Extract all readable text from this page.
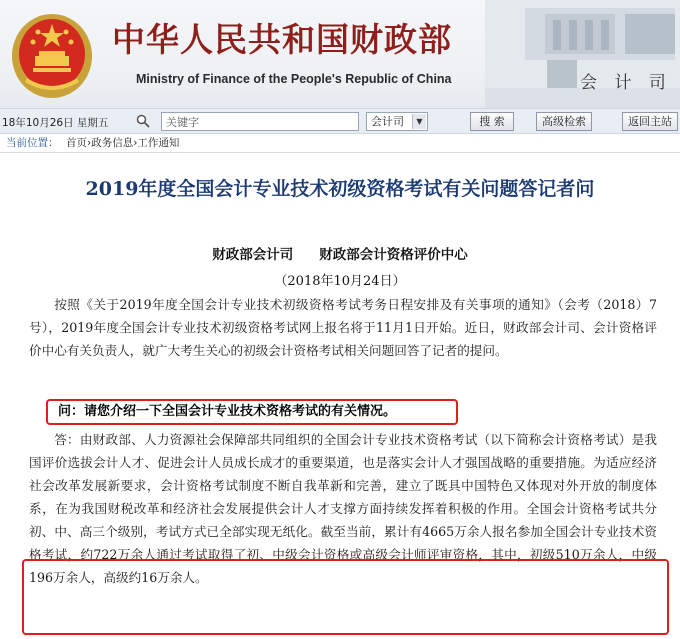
中华人民共和国财政部
Ministry of Finance of the People's Republic of China	会 计 司
18年10月26日 星期五
关键字	会计司	▼	搜 索	高级检索	返回主站
当前位置： 首页›政务信息›工作通知
2019年度全国会计专业技术初级资格考试有关问题答记者问
财政部会计司 财政部会计资格评价中心
（2018年10月24日）
按照《关于2019年度全国会计专业技术初级资格考试考务日程安排及有关事项的通知》（会考（2018）7号），2019年度全国会计专业技术初级资格考试网上报名将于11月1日开始。近日，财政部会计司、会计资格评价中心有关负责人，就广大考生关心的初级会计资格考试相关问题回答了记者的提问。
问：请您介绍一下全国会计专业技术资格考试的有关情况。
答：由财政部、人力资源社会保障部共同组织的全国会计专业技术资格考试（以下简称会计资格考试）是我国评价选拔会计人才、促进会计人员成长成才的重要渠道，也是落实会计人才强国战略的重要措施。为适应经济社会改革发展新要求，会计资格考试制度不断自我革新和完善，建立了既具中国特色又体现对外开放的制度体系，在为我国财税改革和经济社会发展提供会计人才支撑方面持续发挥着积极的作用。全国会计资格考试共分初、中、高三个级别，考试方式已全部实现无纸化。截至当前，累计有4665万余人报名参加全国会计专业技术资格考试，约722万余人通过考试取得了初、中级会计资格或高级会计师评审资格，其中，初级510万余人，中级196万余人，高级约16万余人。
